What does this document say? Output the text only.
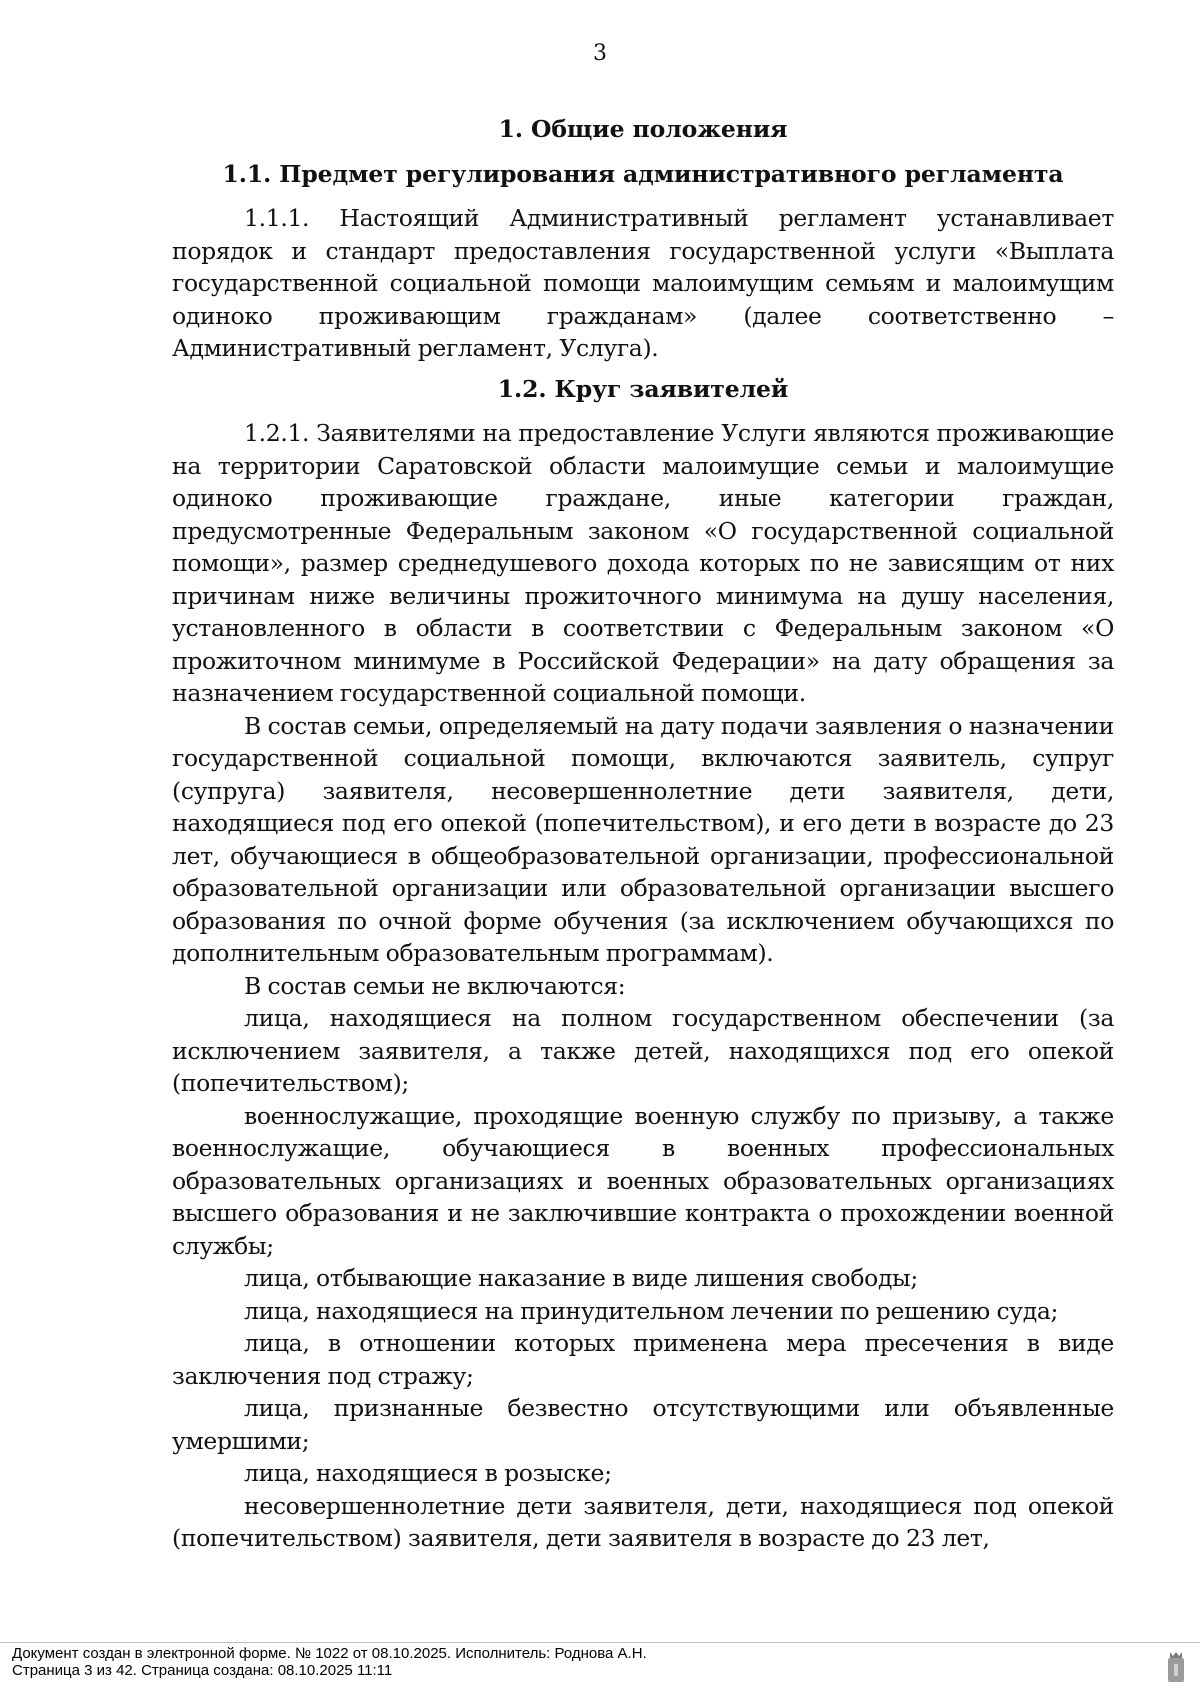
3
1. Общие положения
1.1. Предмет регулирования административного регламента

1.1.1. Настоящий Административный регламент устанавливает порядок и стандарт предоставления государственной услуги «Выплата государственной социальной помощи малоимущим семьям и малоимущим одиноко проживающим гражданам» (далее соответственно – Административный регламент, Услуга).

1.2. Круг заявителей

1.2.1. Заявителями на предоставление Услуги являются проживающие на территории Саратовской области малоимущие семьи и малоимущие одиноко проживающие граждане, иные категории граждан, предусмотренные Федеральным законом «О государственной социальной помощи», размер среднедушевого дохода которых по не зависящим от них причинам ниже величины прожиточного минимума на душу населения, установленного в области в соответствии с Федеральным законом «О прожиточном минимуме в Российской Федерации» на дату обращения за назначением государственной социальной помощи.

В состав семьи, определяемый на дату подачи заявления о назначении государственной социальной помощи, включаются заявитель, супруг (супруга) заявителя, несовершеннолетние дети заявителя, дети, находящиеся под его опекой (попечительством), и его дети в возрасте до 23 лет, обучающиеся в общеобразовательной организации, профессиональной образовательной организации или образовательной организации высшего образования по очной форме обучения (за исключением обучающихся по дополнительным образовательным программам).

В состав семьи не включаются:

лица, находящиеся на полном государственном обеспечении (за исключением заявителя, а также детей, находящихся под его опекой (попечительством);

военнослужащие, проходящие военную службу по призыву, а также военнослужащие, обучающиеся в военных профессиональных образовательных организациях и военных образовательных организациях высшего образования и не заключившие контракта о прохождении военной службы;

лица, отбывающие наказание в виде лишения свободы;

лица, находящиеся на принудительном лечении по решению суда;

лица, в отношении которых применена мера пресечения в виде заключения под стражу;

лица, признанные безвестно отсутствующими или объявленные умершими;

лица, находящиеся в розыске;

несовершеннолетние дети заявителя, дети, находящиеся под опекой (попечительством) заявителя, дети заявителя в возрасте до 23 лет,

Документ создан в электронной форме. № 1022 от 08.10.2025. Исполнитель: Роднова А.Н.
Страница 3 из 42. Страница создана: 08.10.2025 11:11
